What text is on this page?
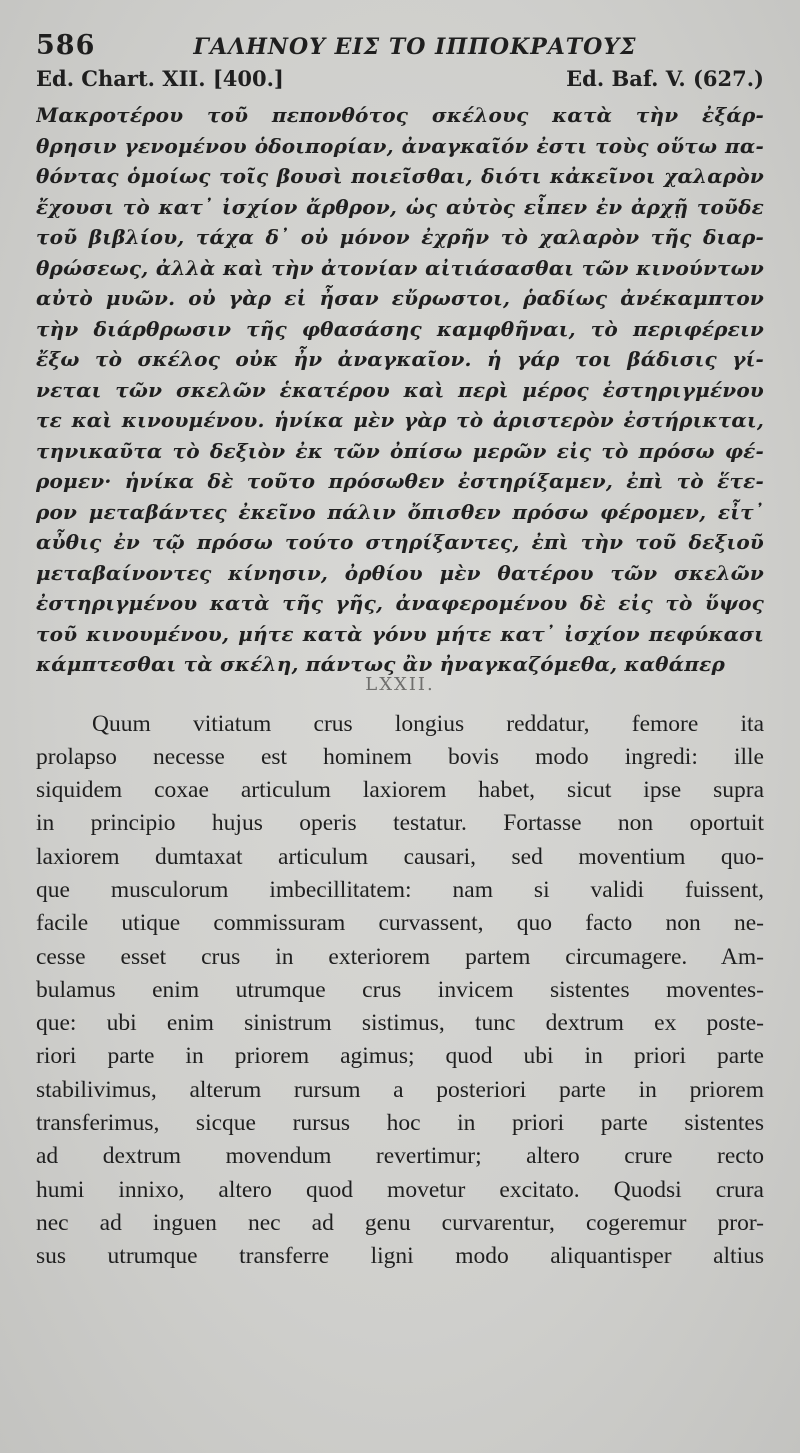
586	ΓΑΛΗΝΟΥ ΕΙΣ ΤΟ ΙΠΠΟΚΡΑΤΟΥΣ
Ed. Chart. XII. [400.]	Ed. Baf. V. (627.)
Μακροτέρου τοῦ πεπονθότος σκέλους κατὰ τὴν ἐξάρ-
θρησιν γενομένου ὁδοιπορίαν, ἀναγκαῖόν ἐστι τοὺς οὕτω πα-
θόντας ὁμοίως τοῖς βουσὶ ποιεῖσθαι, διότι κἀκεῖνοι χαλαρὸν
ἔχουσι τὸ κατ᾽ ἰσχίον ἄρθρον, ὡς αὐτὸς εἶπεν ἐν ἀρχῇ τοῦδε
τοῦ βιβλίου, τάχα δ᾽ οὐ μόνον ἐχρῆν τὸ χαλαρὸν τῆς διαρ-
θρώσεως, ἀλλὰ καὶ τὴν ἀτονίαν αἰτιάσασθαι τῶν κινούντων
αὐτὸ μυῶν. οὐ γὰρ εἰ ἦσαν εὔρωστοι, ῥαδίως ἀνέκαμπτον
τὴν διάρθρωσιν τῆς φθασάσης καμφθῆναι, τὸ περιφέρειν
ἔξω τὸ σκέλος οὐκ ἦν ἀναγκαῖον. ἡ γάρ τοι βάδισις γί-
νεται τῶν σκελῶν ἑκατέρου καὶ περὶ μέρος ἐστηριγμένου
τε καὶ κινουμένου. ἡνίκα μὲν γὰρ τὸ ἀριστερὸν ἐστήρικται,
τηνικαῦτα τὸ δεξιὸν ἐκ τῶν ὀπίσω μερῶν εἰς τὸ πρόσω φέ-
ρομεν· ἡνίκα δὲ τοῦτο πρόσωθεν ἐστηρίξαμεν, ἐπὶ τὸ ἕτε-
ρον μεταβάντες ἐκεῖνο πάλιν ὄπισθεν πρόσω φέρομεν, εἶτ᾽
αὖθις ἐν τῷ πρόσω τούτο στηρίξαντες, ἐπὶ τὴν τοῦ δεξιοῦ
μεταβαίνοντες κίνησιν, ὀρθίου μὲν θατέρου τῶν σκελῶν
ἐστηριγμένου κατὰ τῆς γῆς, ἀναφερομένου δὲ εἰς τὸ ὕψος
τοῦ κινουμένου, μήτε κατὰ γόνυ μήτε κατ᾽ ἰσχίον πεφύκασι
κάμπτεσθαι τὰ σκέλη, πάντως ἂν ἠναγκαζόμεθα, καθάπερ
LXXII.
Quum vitiatum crus longius reddatur, femore ita
prolapso necesse est hominem bovis modo ingredi: ille
siquidem coxae articulum laxiorem habet, sicut ipse supra
in principio hujus operis testatur. Fortasse non oportuit
laxiorem dumtaxat articulum causari, sed moventium quo-
que musculorum imbecillitatem: nam si validi fuissent,
facile utique commissuram curvassent, quo facto non ne-
cesse esset crus in exteriorem partem circumagere. Am-
bulamus enim utrumque crus invicem sistentes moventes-
que: ubi enim sinistrum sistimus, tunc dextrum ex poste-
riori parte in priorem agimus; quod ubi in priori parte
stabilivimus, alterum rursum a posteriori parte in priorem
transferimus, sicque rursus hoc in priori parte sistentes
ad dextrum movendum revertimur; altero crure recto
humi innixo, altero quod movetur excitato. Quodsi crura
nec ad inguen nec ad genu curvarentur, cogeremur pror-
sus utrumque transferre ligni modo aliquantisper altius
